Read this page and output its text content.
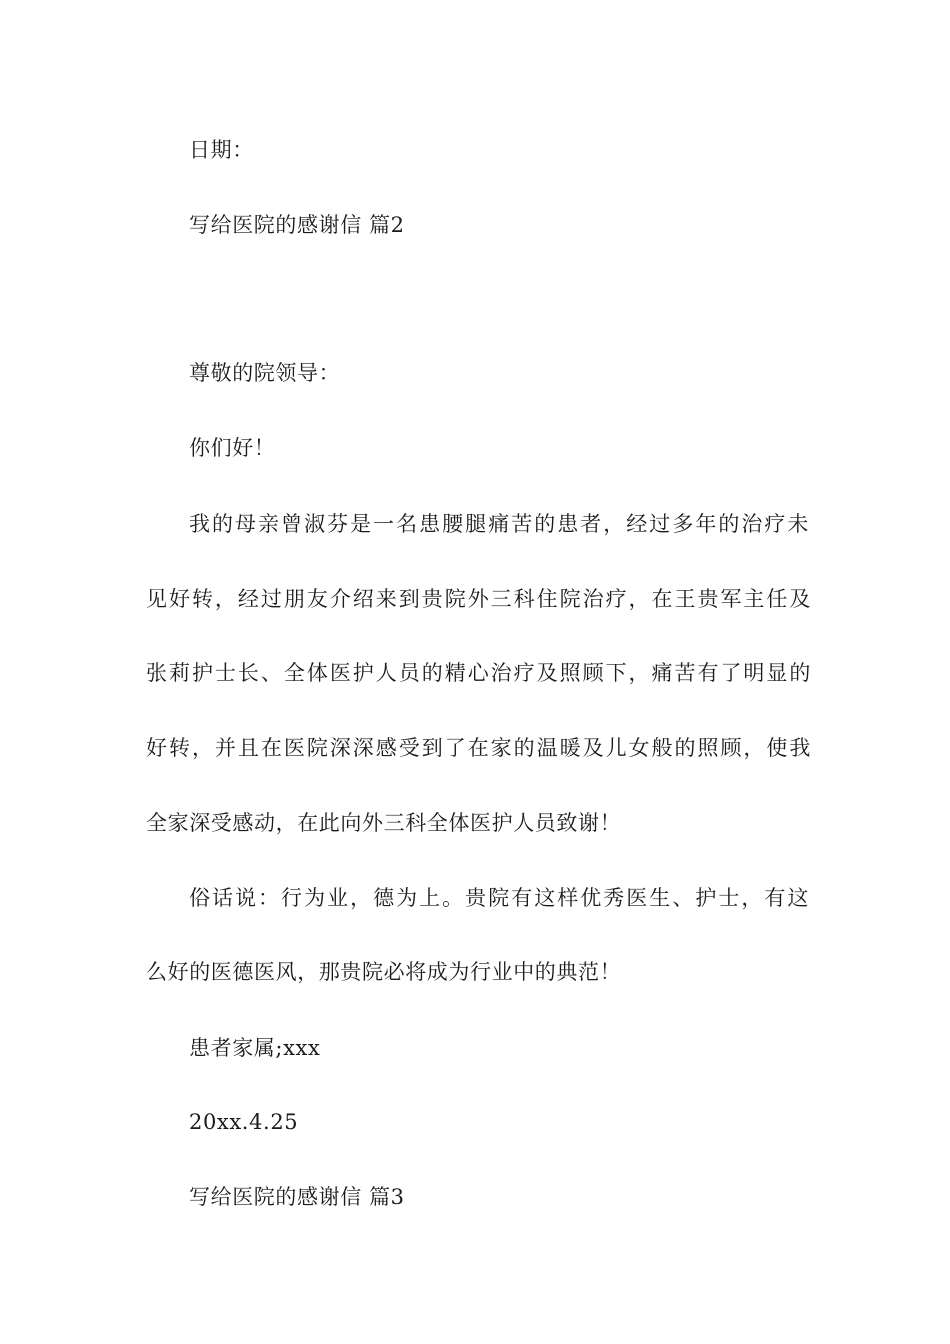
日期：
写给医院的感谢信 篇2
尊敬的院领导：
你们好！
我的母亲曾淑芬是一名患腰腿痛苦的患者，经过多年的治疗未
见好转，经过朋友介绍来到贵院外三科住院治疗，在王贵军主任及
张莉护士长、全体医护人员的精心治疗及照顾下，痛苦有了明显的
好转，并且在医院深深感受到了在家的温暖及儿女般的照顾，使我
全家深受感动，在此向外三科全体医护人员致谢！
俗话说：行为业，德为上。贵院有这样优秀医生、护士，有这
么好的医德医风，那贵院必将成为行业中的典范！
患者家属;xxx
20xx.4.25
写给医院的感谢信 篇3
